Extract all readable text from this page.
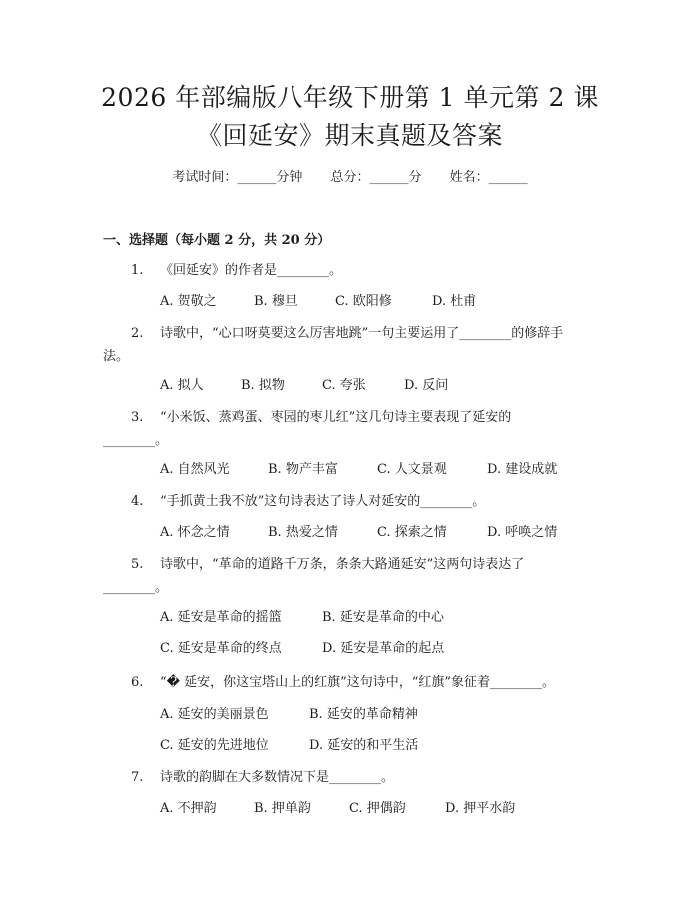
2026 年部编版八年级下册第 1 单元第 2 课
《回延安》期末真题及答案
考试时间：______分钟 总分：______分 姓名：______
一、选择题（每小题 2 分，共 20 分）
1. 《回延安》的作者是________。
A. 贺敬之	B. 穆旦	C. 欧阳修	D. 杜甫
2. 诗歌中，“心口呀莫要这么厉害地跳”一句主要运用了________的修辞手
法。
A. 拟人	B. 拟物	C. 夸张	D. 反问
3. “小米饭、蒸鸡蛋、枣园的枣儿红”这几句诗主要表现了延安的
________。
A. 自然风光	B. 物产丰富	C. 人文景观	D. 建设成就
4. “手抓黄土我不放”这句诗表达了诗人对延安的________。
A. 怀念之情	B. 热爱之情	C. 探索之情	D. 呼唤之情
5. 诗歌中，“革命的道路千万条，条条大路通延安”这两句诗表达了
________。
A. 延安是革命的摇篮	B. 延安是革命的中心
C. 延安是革命的终点	D. 延安是革命的起点
6. “� 延安，你这宝塔山上的红旗”这句诗中，“红旗”象征着________。
A. 延安的美丽景色	B. 延安的革命精神
C. 延安的先进地位	D. 延安的和平生活
7. 诗歌的韵脚在大多数情况下是________。
A. 不押韵	B. 押单韵	C. 押偶韵	D. 押平水韵
